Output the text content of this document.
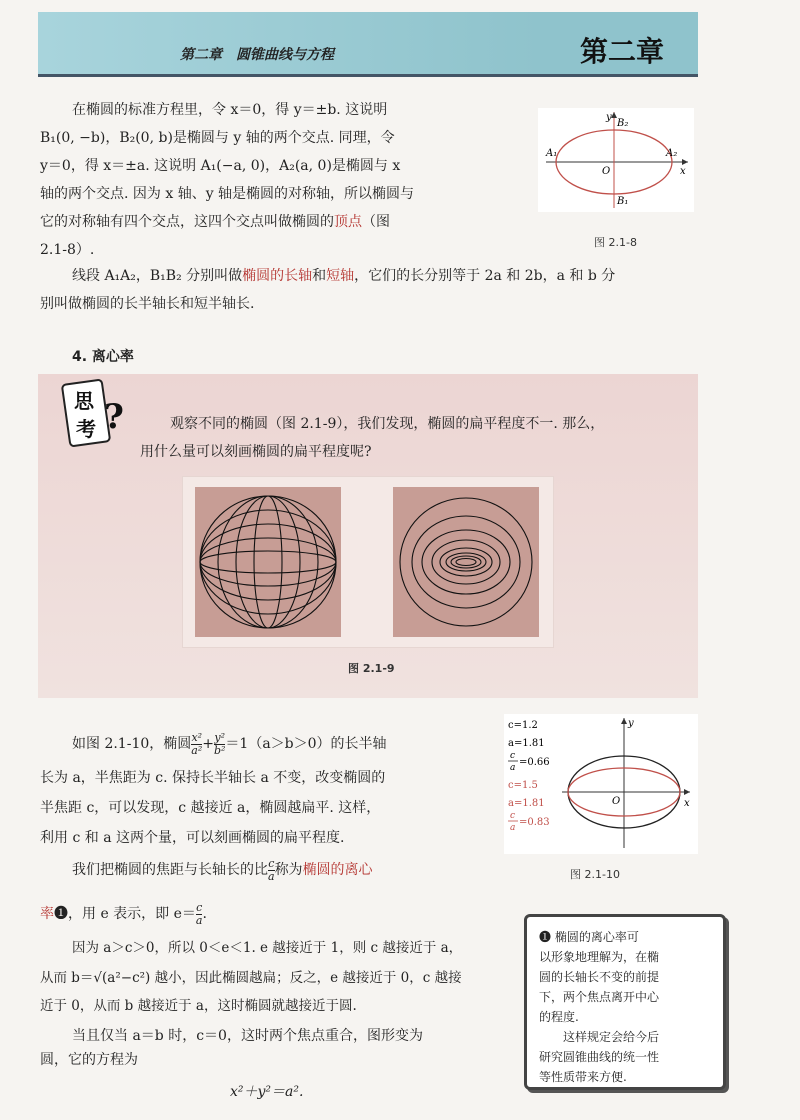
第二章　圆锥曲线与方程	第二章

在椭圆的标准方程里，令 x＝0，得 y＝±b. 这说明

B₁(0, −b)，B₂(0, b)是椭圆与 y 轴的两个交点. 同理，令

y＝0，得 x＝±a. 这说明 A₁(−a, 0)，A₂(a, 0)是椭圆与 x

轴的两个交点. 因为 x 轴、y 轴是椭圆的对称轴，所以椭圆与

它的对称轴有四个交点，这四个交点叫做椭圆的顶点（图

2.1-8）.

y
x
O
A₁	A₂
B₁
B₂
图 2.1-8

线段 A₁A₂，B₁B₂ 分别叫做椭圆的长轴和短轴，它们的长分别等于 2a 和 2b，a 和 b 分

别叫做椭圆的长半轴长和短半轴长.

4. 离心率
思
考 ?	观察不同的椭圆（图 2.1-9），我们发现，椭圆的扁平程度不一. 那么，

用什么量可以刻画椭圆的扁平程度呢?

图 2.1-9

如图 2.1-10，椭圆 $\frac{\text{x²}}{\text{a²}} + \frac{\text{y²}}{\text{b²}} =1(a>b>0)$的长半轴

长为 a，半焦距为 c. 保持长半轴长 a 不变，改变椭圆的

半焦距 c，可以发现，c 越接近 a，椭圆越扁平. 这样，

利用 c 和 a 这两个量，可以刻画椭圆的扁平程度.

我们把椭圆的焦距与长轴长的比 $\frac{c}{a}$ 称为椭圆的离心

率❶，用 e 表示，即 $e= \frac{c}{a}$ .

O
y
x
c=1.2
a=1.81
c
a =0.66
c=1.5
a=1.81
c
a =0.83
图 2.1-10

因为 a＞c＞0，所以 0＜e＜1. e 越接近于 1，则 c 越接近于 a，

从而 b＝√(a²−c²) 越小，因此椭圆越扁；反之，e 越接近于 0，c 越接

近于 0，从而 b 越接近于 a，这时椭圆就越接近于圆.

当且仅当 a＝b 时，c＝0，这时两个焦点重合，图形变为

圆，它的方程为

x²＋y²＝a².

❶ 椭圆的离心率可

以形象地理解为，在椭

圆的长轴长不变的前提

下，两个焦点离开中心

的程度.

这样规定会给今后

研究圆锥曲线的统一性

等性质带来方便.
